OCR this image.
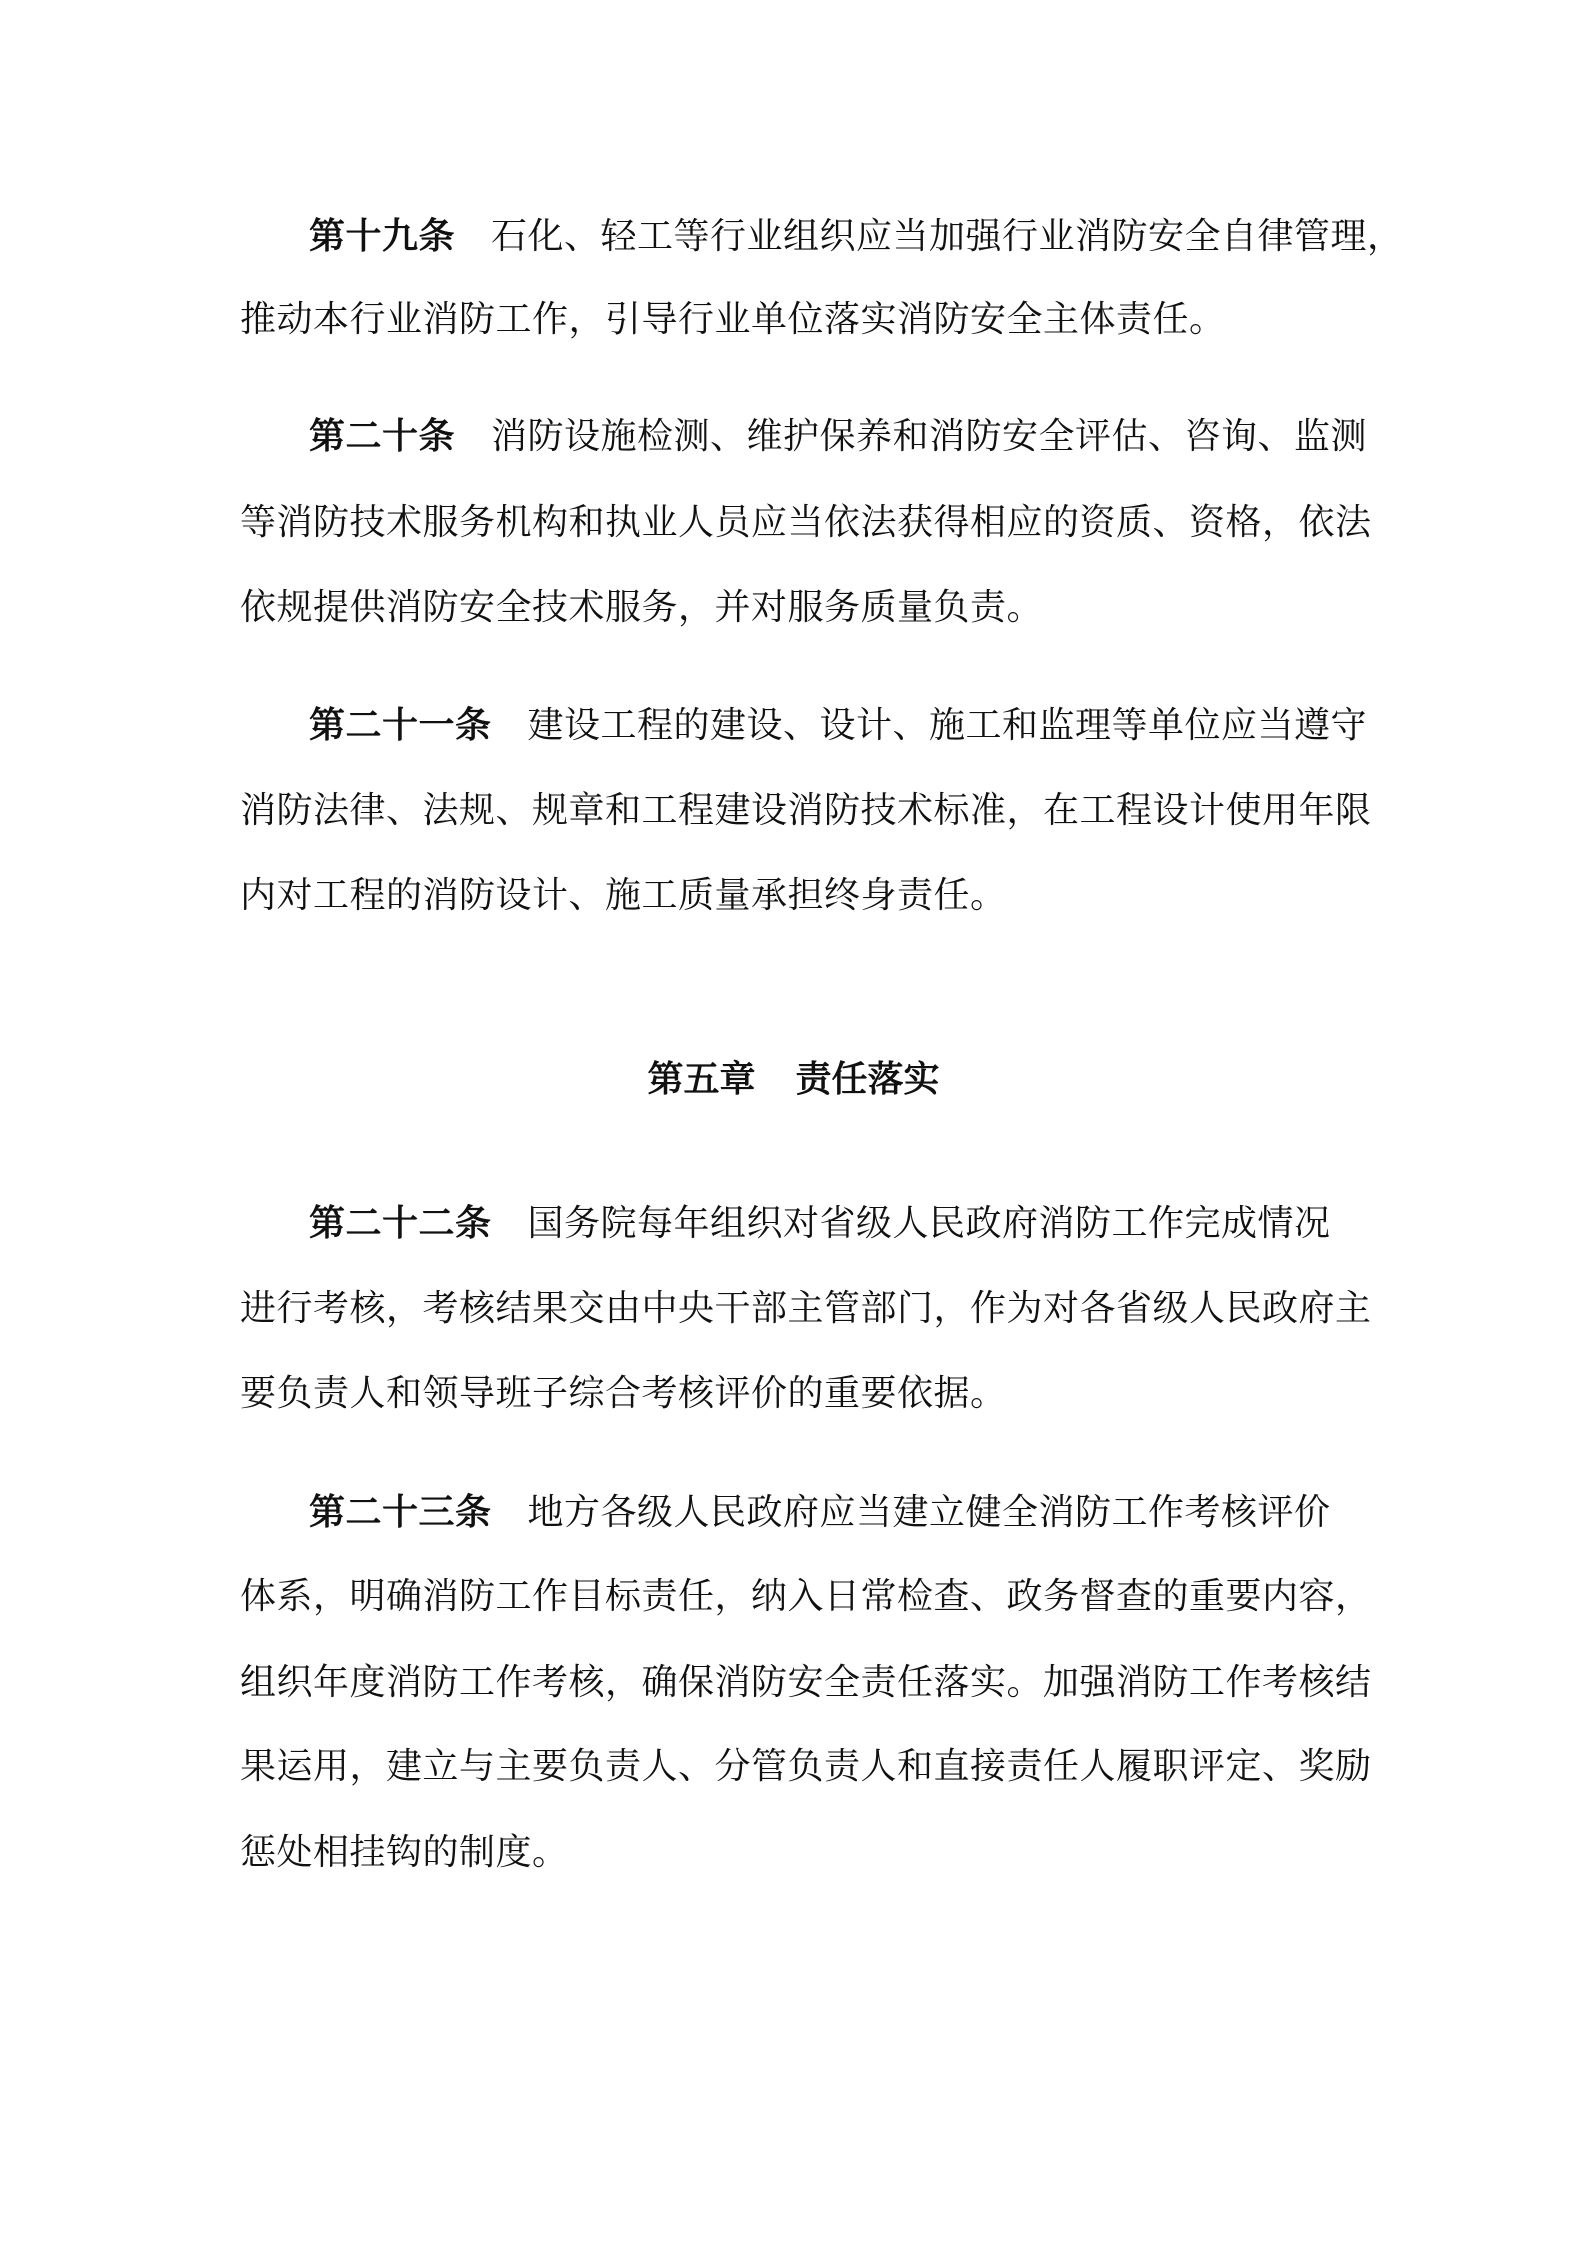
第十九条 石化、轻工等行业组织应当加强行业消防安全自律管理，
推动本行业消防工作，引导行业单位落实消防安全主体责任。
第二十条 消防设施检测、维护保养和消防安全评估、咨询、监测
等消防技术服务机构和执业人员应当依法获得相应的资质、资格，依法
依规提供消防安全技术服务，并对服务质量负责。
第二十一条 建设工程的建设、设计、施工和监理等单位应当遵守
消防法律、法规、规章和工程建设消防技术标准，在工程设计使用年限
内对工程的消防设计、施工质量承担终身责任。
第五章 责任落实
第二十二条 国务院每年组织对省级人民政府消防工作完成情况
进行考核，考核结果交由中央干部主管部门，作为对各省级人民政府主
要负责人和领导班子综合考核评价的重要依据。
第二十三条 地方各级人民政府应当建立健全消防工作考核评价
体系，明确消防工作目标责任，纳入日常检查、政务督查的重要内容，
组织年度消防工作考核，确保消防安全责任落实。加强消防工作考核结
果运用，建立与主要负责人、分管负责人和直接责任人履职评定、奖励
惩处相挂钩的制度。
